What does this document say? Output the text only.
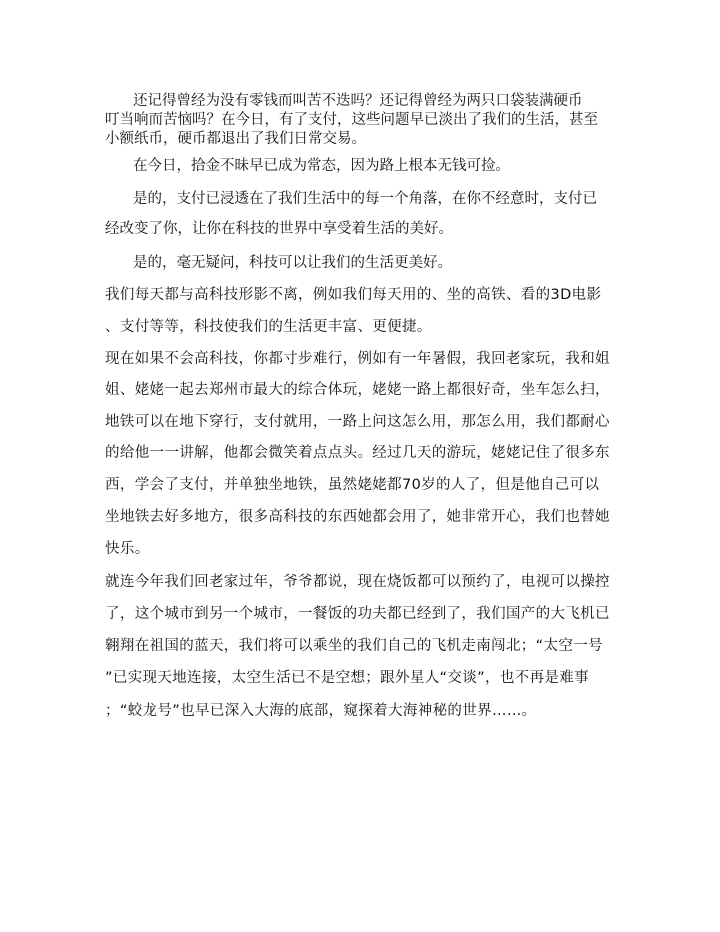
还记得曾经为没有零钱而叫苦不迭吗？还记得曾经为两只口袋装满硬币
叮当响而苦恼吗？在今日，有了支付，这些问题早已淡出了我们的生活，甚至
小额纸币，硬币都退出了我们日常交易。
在今日，拾金不昧早已成为常态，因为路上根本无钱可捡。
是的，支付已浸透在了我们生活中的每一个角落，在你不经意时，支付已
经改变了你，让你在科技的世界中享受着生活的美好。
是的，毫无疑问，科技可以让我们的生活更美好。
我们每天都与高科技形影不离，例如我们每天用的、坐的高铁、看的3D电影
、支付等等，科技使我们的生活更丰富、更便捷。
现在如果不会高科技，你都寸步难行，例如有一年暑假，我回老家玩，我和姐
姐、姥姥一起去郑州市最大的综合体玩，姥姥一路上都很好奇，坐车怎么扫，
地铁可以在地下穿行，支付就用，一路上问这怎么用，那怎么用，我们都耐心
的给他一一讲解，他都会微笑着点点头。经过几天的游玩，姥姥记住了很多东
西，学会了支付，并单独坐地铁，虽然姥姥都70岁的人了，但是他自己可以
坐地铁去好多地方，很多高科技的东西她都会用了，她非常开心，我们也替她
快乐。
就连今年我们回老家过年，爷爷都说，现在烧饭都可以预约了，电视可以操控
了，这个城市到另一个城市，一餐饭的功夫都已经到了，我们国产的大飞机已
翱翔在祖国的蓝天，我们将可以乘坐的我们自己的飞机走南闯北；“太空一号
”已实现天地连接，太空生活已不是空想；跟外星人“交谈”，也不再是难事
；“蛟龙号”也早已深入大海的底部，窥探着大海神秘的世界……。
